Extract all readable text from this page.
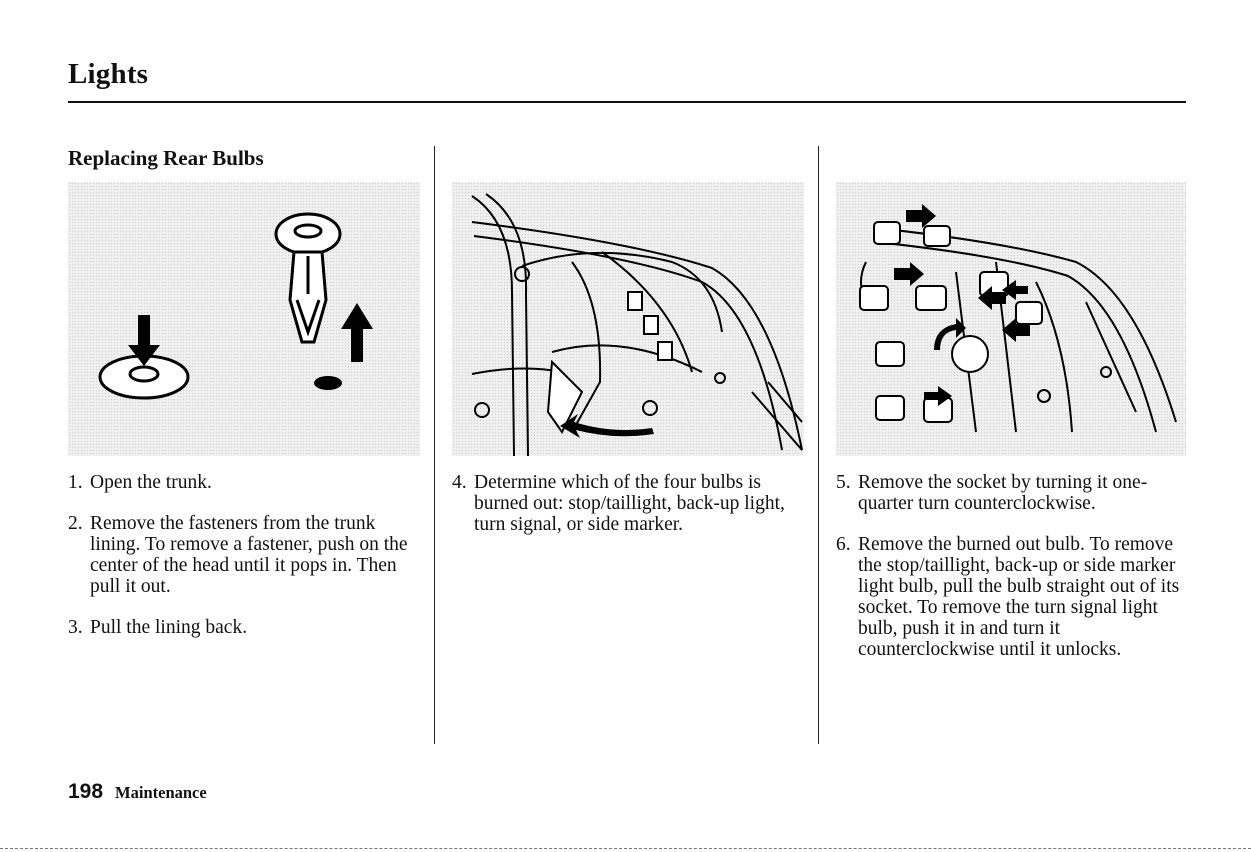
Lights
Replacing Rear Bulbs
1. Open the trunk.
2. Remove the fasteners from the trunk lining. To remove a fastener, push on the center of the head until it pops in. Then pull it out.
3. Pull the lining back.
4. Determine which of the four bulbs is burned out: stop/taillight, back-up light, turn signal, or side marker.
5. Remove the socket by turning it one-quarter turn counterclockwise.
6. Remove the burned out bulb. To remove the stop/taillight, back-up or side marker light bulb, pull the bulb straight out of its socket. To remove the turn signal light bulb, push it in and turn it counterclockwise until it unlocks.
198 Maintenance
